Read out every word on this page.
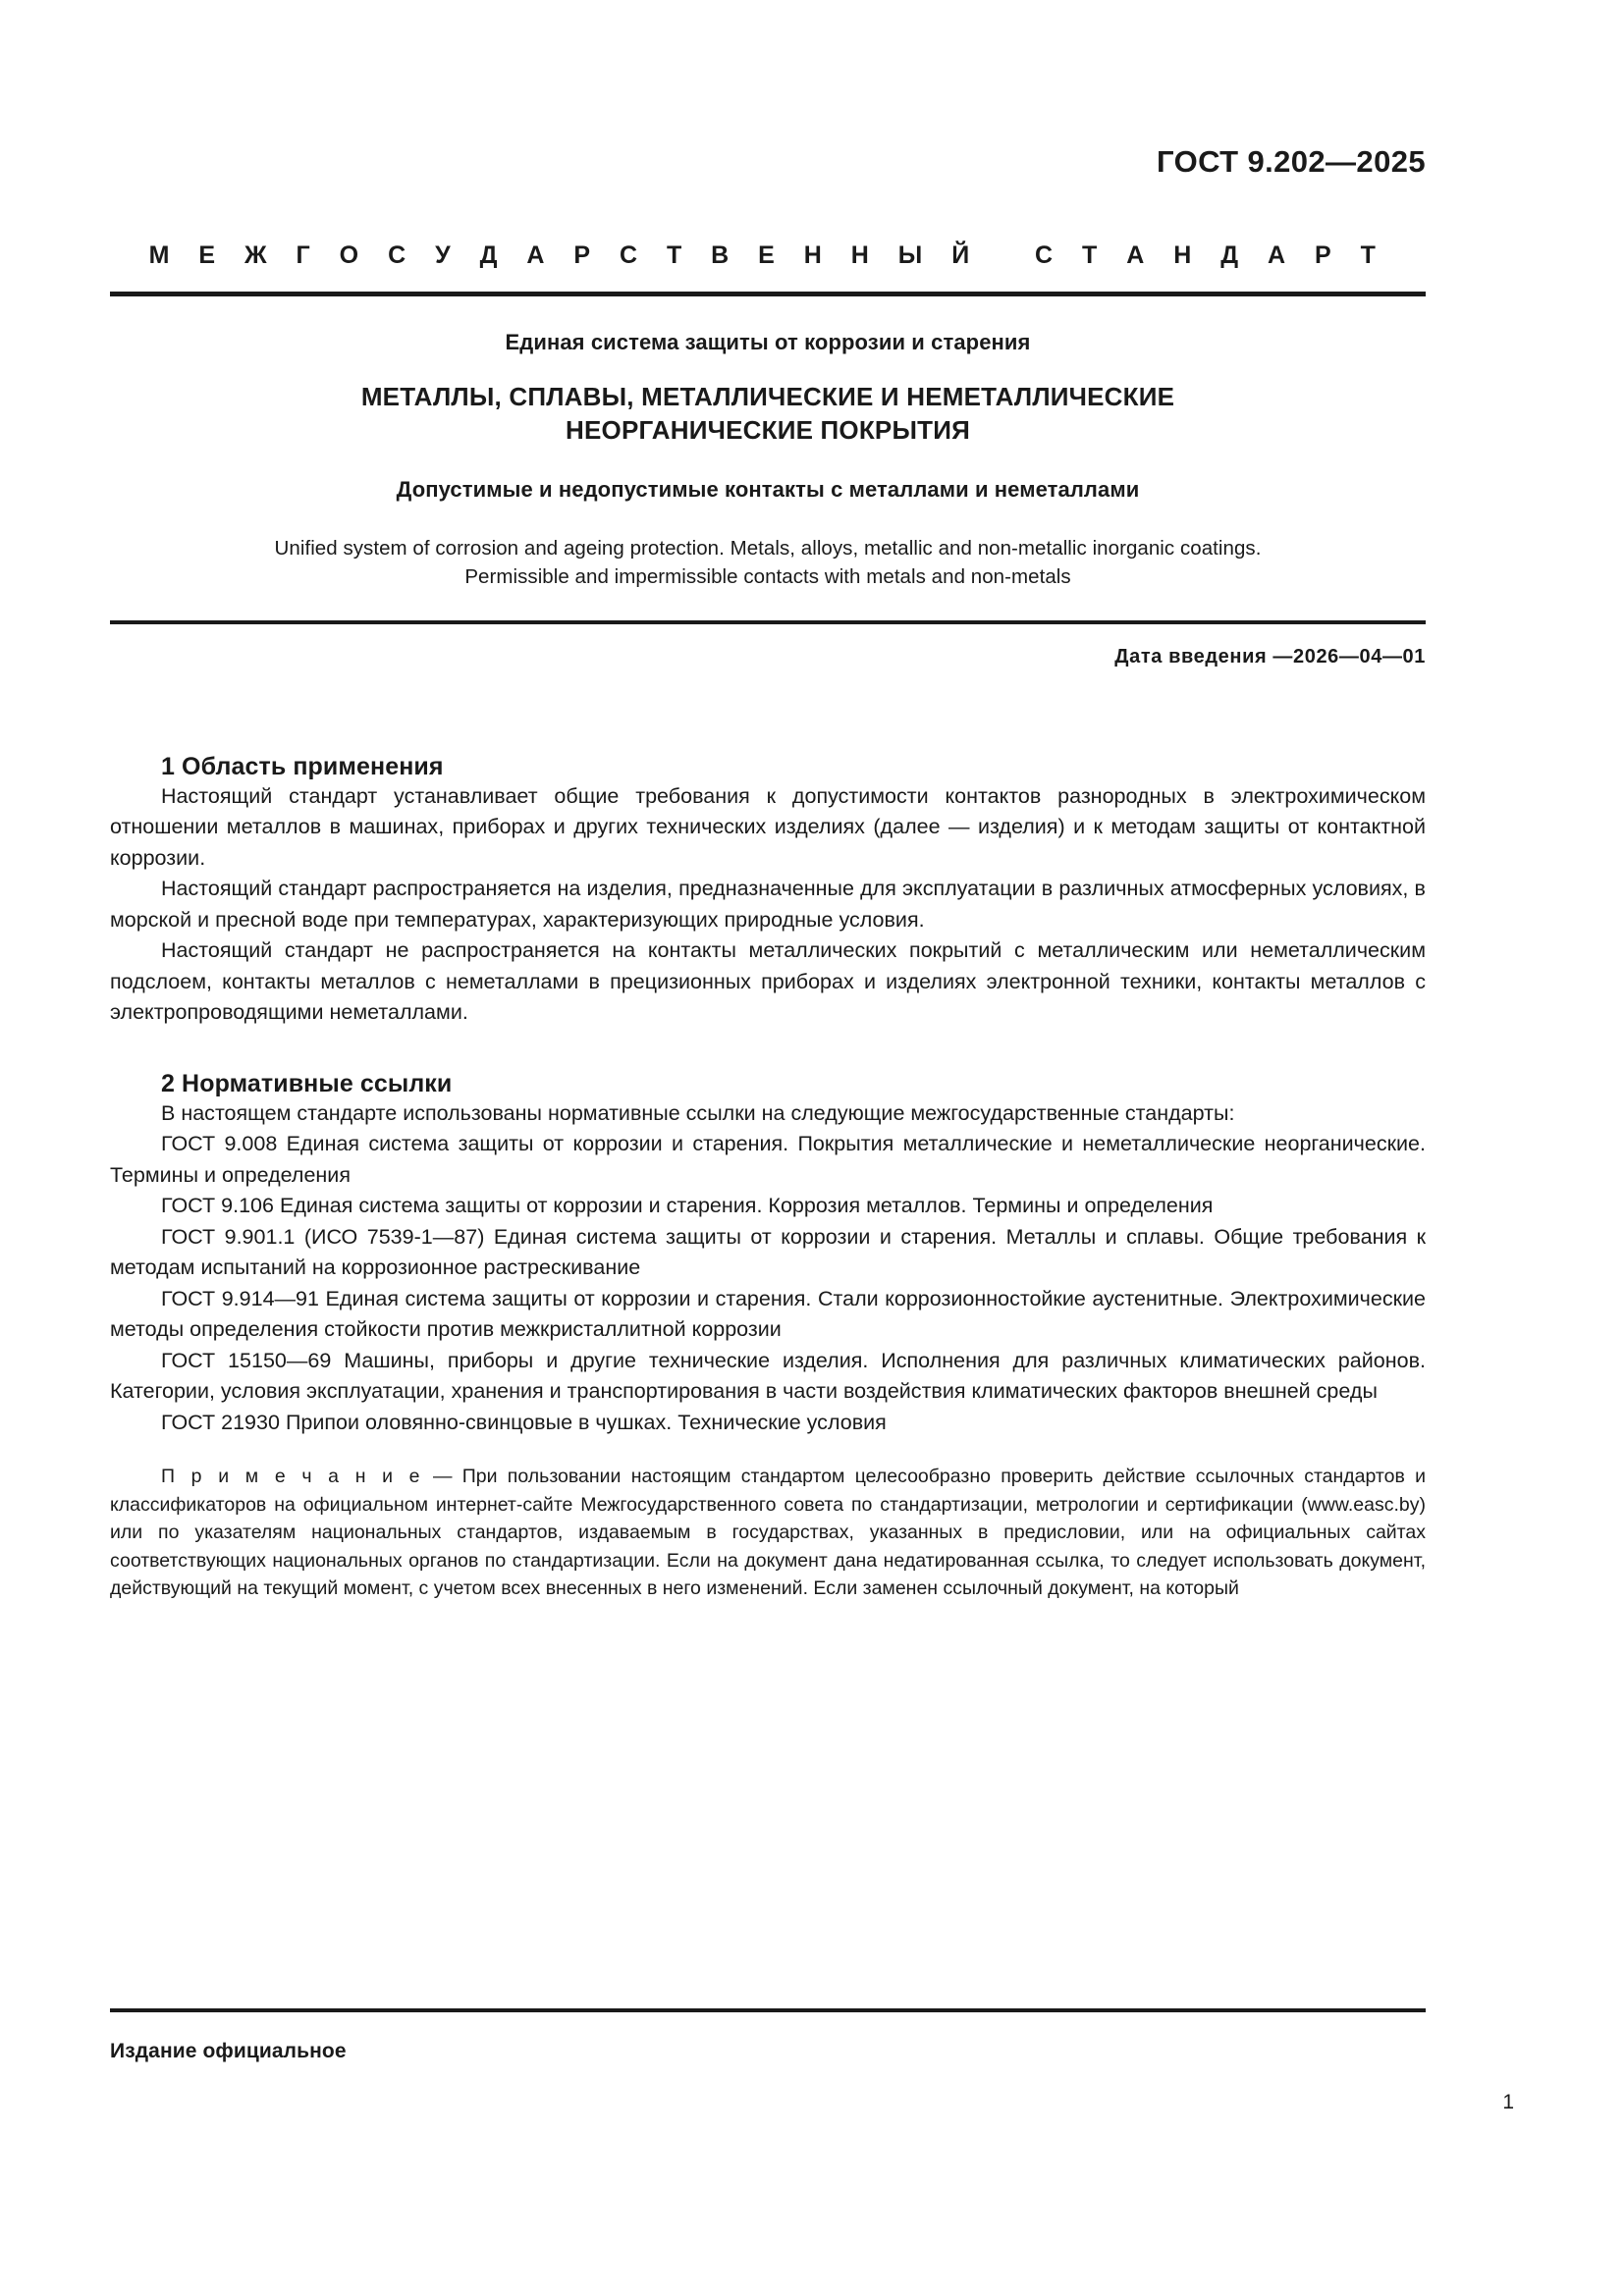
ГОСТ 9.202—2025
М Е Ж Г О С У Д А Р С Т В Е Н Н Ы Й   С Т А Н Д А Р Т
Единая система защиты от коррозии и старения
МЕТАЛЛЫ, СПЛАВЫ, МЕТАЛЛИЧЕСКИЕ И НЕМЕТАЛЛИЧЕСКИЕ
НЕОРГАНИЧЕСКИЕ ПОКРЫТИЯ
Допустимые и недопустимые контакты с металлами и неметаллами
Unified system of corrosion and ageing protection. Metals, alloys, metallic and non-metallic inorganic coatings.
Permissible and impermissible contacts with metals and non-metals
Дата введения —2026—04—01
1 Область применения

Настоящий стандарт устанавливает общие требования к допустимости контактов разнородных в электрохимическом отношении металлов в машинах, приборах и других технических изделиях (далее — изделия) и к методам защиты от контактной коррозии.

Настоящий стандарт распространяется на изделия, предназначенные для эксплуатации в различных атмосферных условиях, в морской и пресной воде при температурах, характеризующих природные условия.

Настоящий стандарт не распространяется на контакты металлических покрытий с металлическим или неметаллическим подслоем, контакты металлов с неметаллами в прецизионных приборах и изделиях электронной техники, контакты металлов с электропроводящими неметаллами.

2 Нормативные ссылки

В настоящем стандарте использованы нормативные ссылки на следующие межгосударственные стандарты:

ГОСТ 9.008 Единая система защиты от коррозии и старения. Покрытия металлические и неметаллические неорганические. Термины и определения

ГОСТ 9.106 Единая система защиты от коррозии и старения. Коррозия металлов. Термины и определения

ГОСТ 9.901.1 (ИСО 7539-1—87) Единая система защиты от коррозии и старения. Металлы и сплавы. Общие требования к методам испытаний на коррозионное растрескивание

ГОСТ 9.914—91 Единая система защиты от коррозии и старения. Стали коррозионностойкие аустенитные. Электрохимические методы определения стойкости против межкристаллитной коррозии

ГОСТ 15150—69 Машины, приборы и другие технические изделия. Исполнения для различных климатических районов. Категории, условия эксплуатации, хранения и транспортирования в части воздействия климатических факторов внешней среды

ГОСТ 21930 Припои оловянно-свинцовые в чушках. Технические условия

П р и м е ч а н и е — При пользовании настоящим стандартом целесообразно проверить действие ссылочных стандартов и классификаторов на официальном интернет-сайте Межгосударственного совета по стандартизации, метрологии и сертификации (www.easc.by) или по указателям национальных стандартов, издаваемым в государствах, указанных в предисловии, или на официальных сайтах соответствующих национальных органов по стандартизации. Если на документ дана недатированная ссылка, то следует использовать документ, действующий на текущий момент, с учетом всех внесенных в него изменений. Если заменен ссылочный документ, на который

Издание официальное
1
